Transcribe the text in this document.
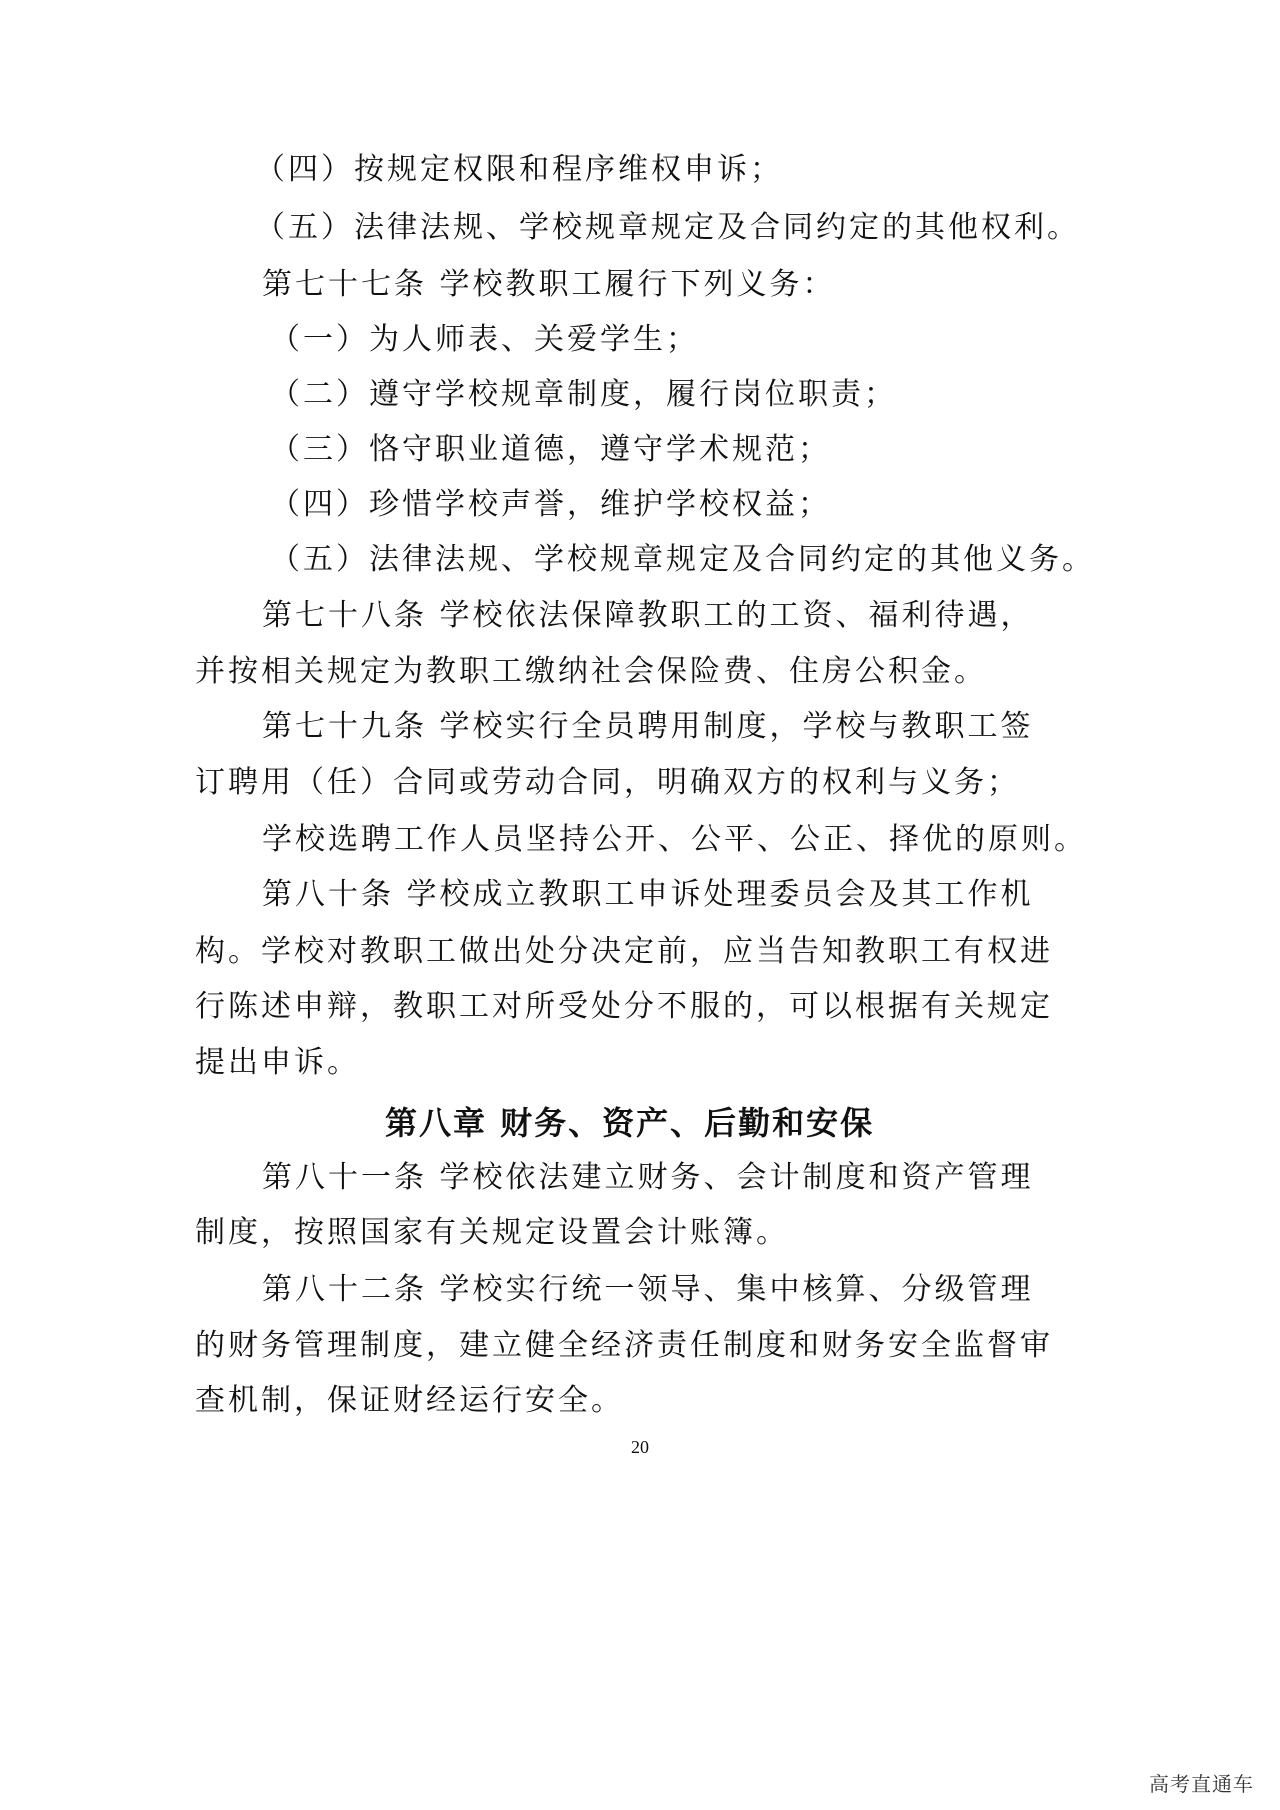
（四）按规定权限和程序维权申诉；
（五）法律法规、学校规章规定及合同约定的其他权利。
第七十七条 学校教职工履行下列义务：
（一）为人师表、关爱学生；
（二）遵守学校规章制度，履行岗位职责；
（三）恪守职业道德，遵守学术规范；
（四）珍惜学校声誉，维护学校权益；
（五）法律法规、学校规章规定及合同约定的其他义务。
第七十八条 学校依法保障教职工的工资、福利待遇，
并按相关规定为教职工缴纳社会保险费、住房公积金。
第七十九条 学校实行全员聘用制度，学校与教职工签
订聘用（任）合同或劳动合同，明确双方的权利与义务；
学校选聘工作人员坚持公开、公平、公正、择优的原则。
第八十条 学校成立教职工申诉处理委员会及其工作机
构。学校对教职工做出处分决定前，应当告知教职工有权进
行陈述申辩，教职工对所受处分不服的，可以根据有关规定
提出申诉。
第八章 财务、资产、后勤和安保
第八十一条 学校依法建立财务、会计制度和资产管理
制度，按照国家有关规定设置会计账簿。
第八十二条 学校实行统一领导、集中核算、分级管理
的财务管理制度，建立健全经济责任制度和财务安全监督审
查机制，保证财经运行安全。
20
高考直通车
